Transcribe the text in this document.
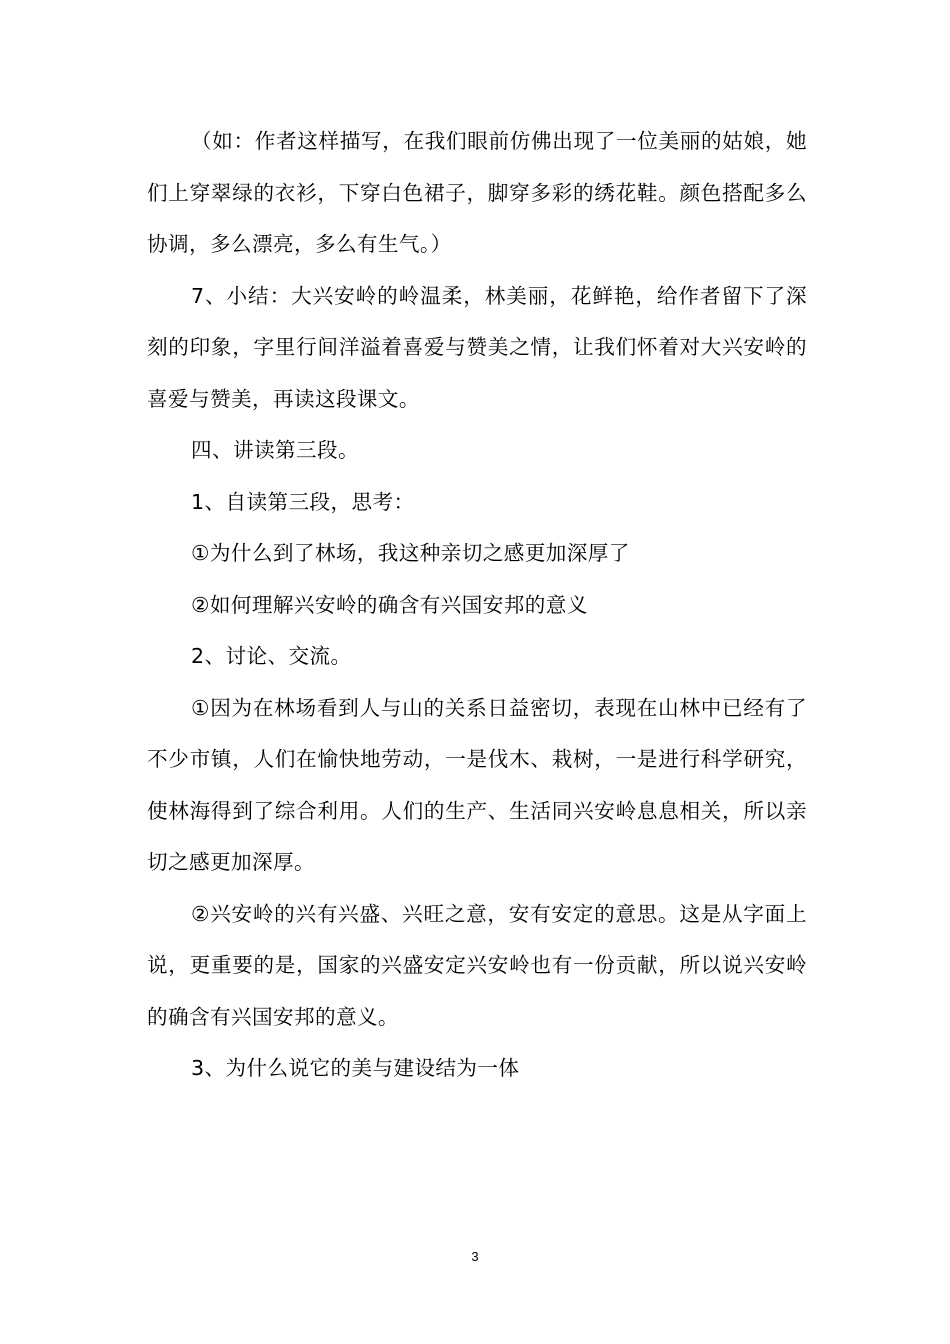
（如：作者这样描写，在我们眼前仿佛出现了一位美丽的姑娘，她们上穿翠绿的衣衫，下穿白色裙子，脚穿多彩的绣花鞋。颜色搭配多么协调，多么漂亮，多么有生气。）

7、小结：大兴安岭的岭温柔，林美丽，花鲜艳，给作者留下了深刻的印象，字里行间洋溢着喜爱与赞美之情，让我们怀着对大兴安岭的喜爱与赞美，再读这段课文。

四、讲读第三段。

1、自读第三段，思考：

①为什么到了林场，我这种亲切之感更加深厚了

②如何理解兴安岭的确含有兴国安邦的意义

2、讨论、交流。

①因为在林场看到人与山的关系日益密切，表现在山林中已经有了不少市镇，人们在愉快地劳动，一是伐木、栽树，一是进行科学研究，使林海得到了综合利用。人们的生产、生活同兴安岭息息相关，所以亲切之感更加深厚。

②兴安岭的兴有兴盛、兴旺之意，安有安定的意思。这是从字面上说，更重要的是，国家的兴盛安定兴安岭也有一份贡献，所以说兴安岭的确含有兴国安邦的意义。

3、为什么说它的美与建设结为一体

3
